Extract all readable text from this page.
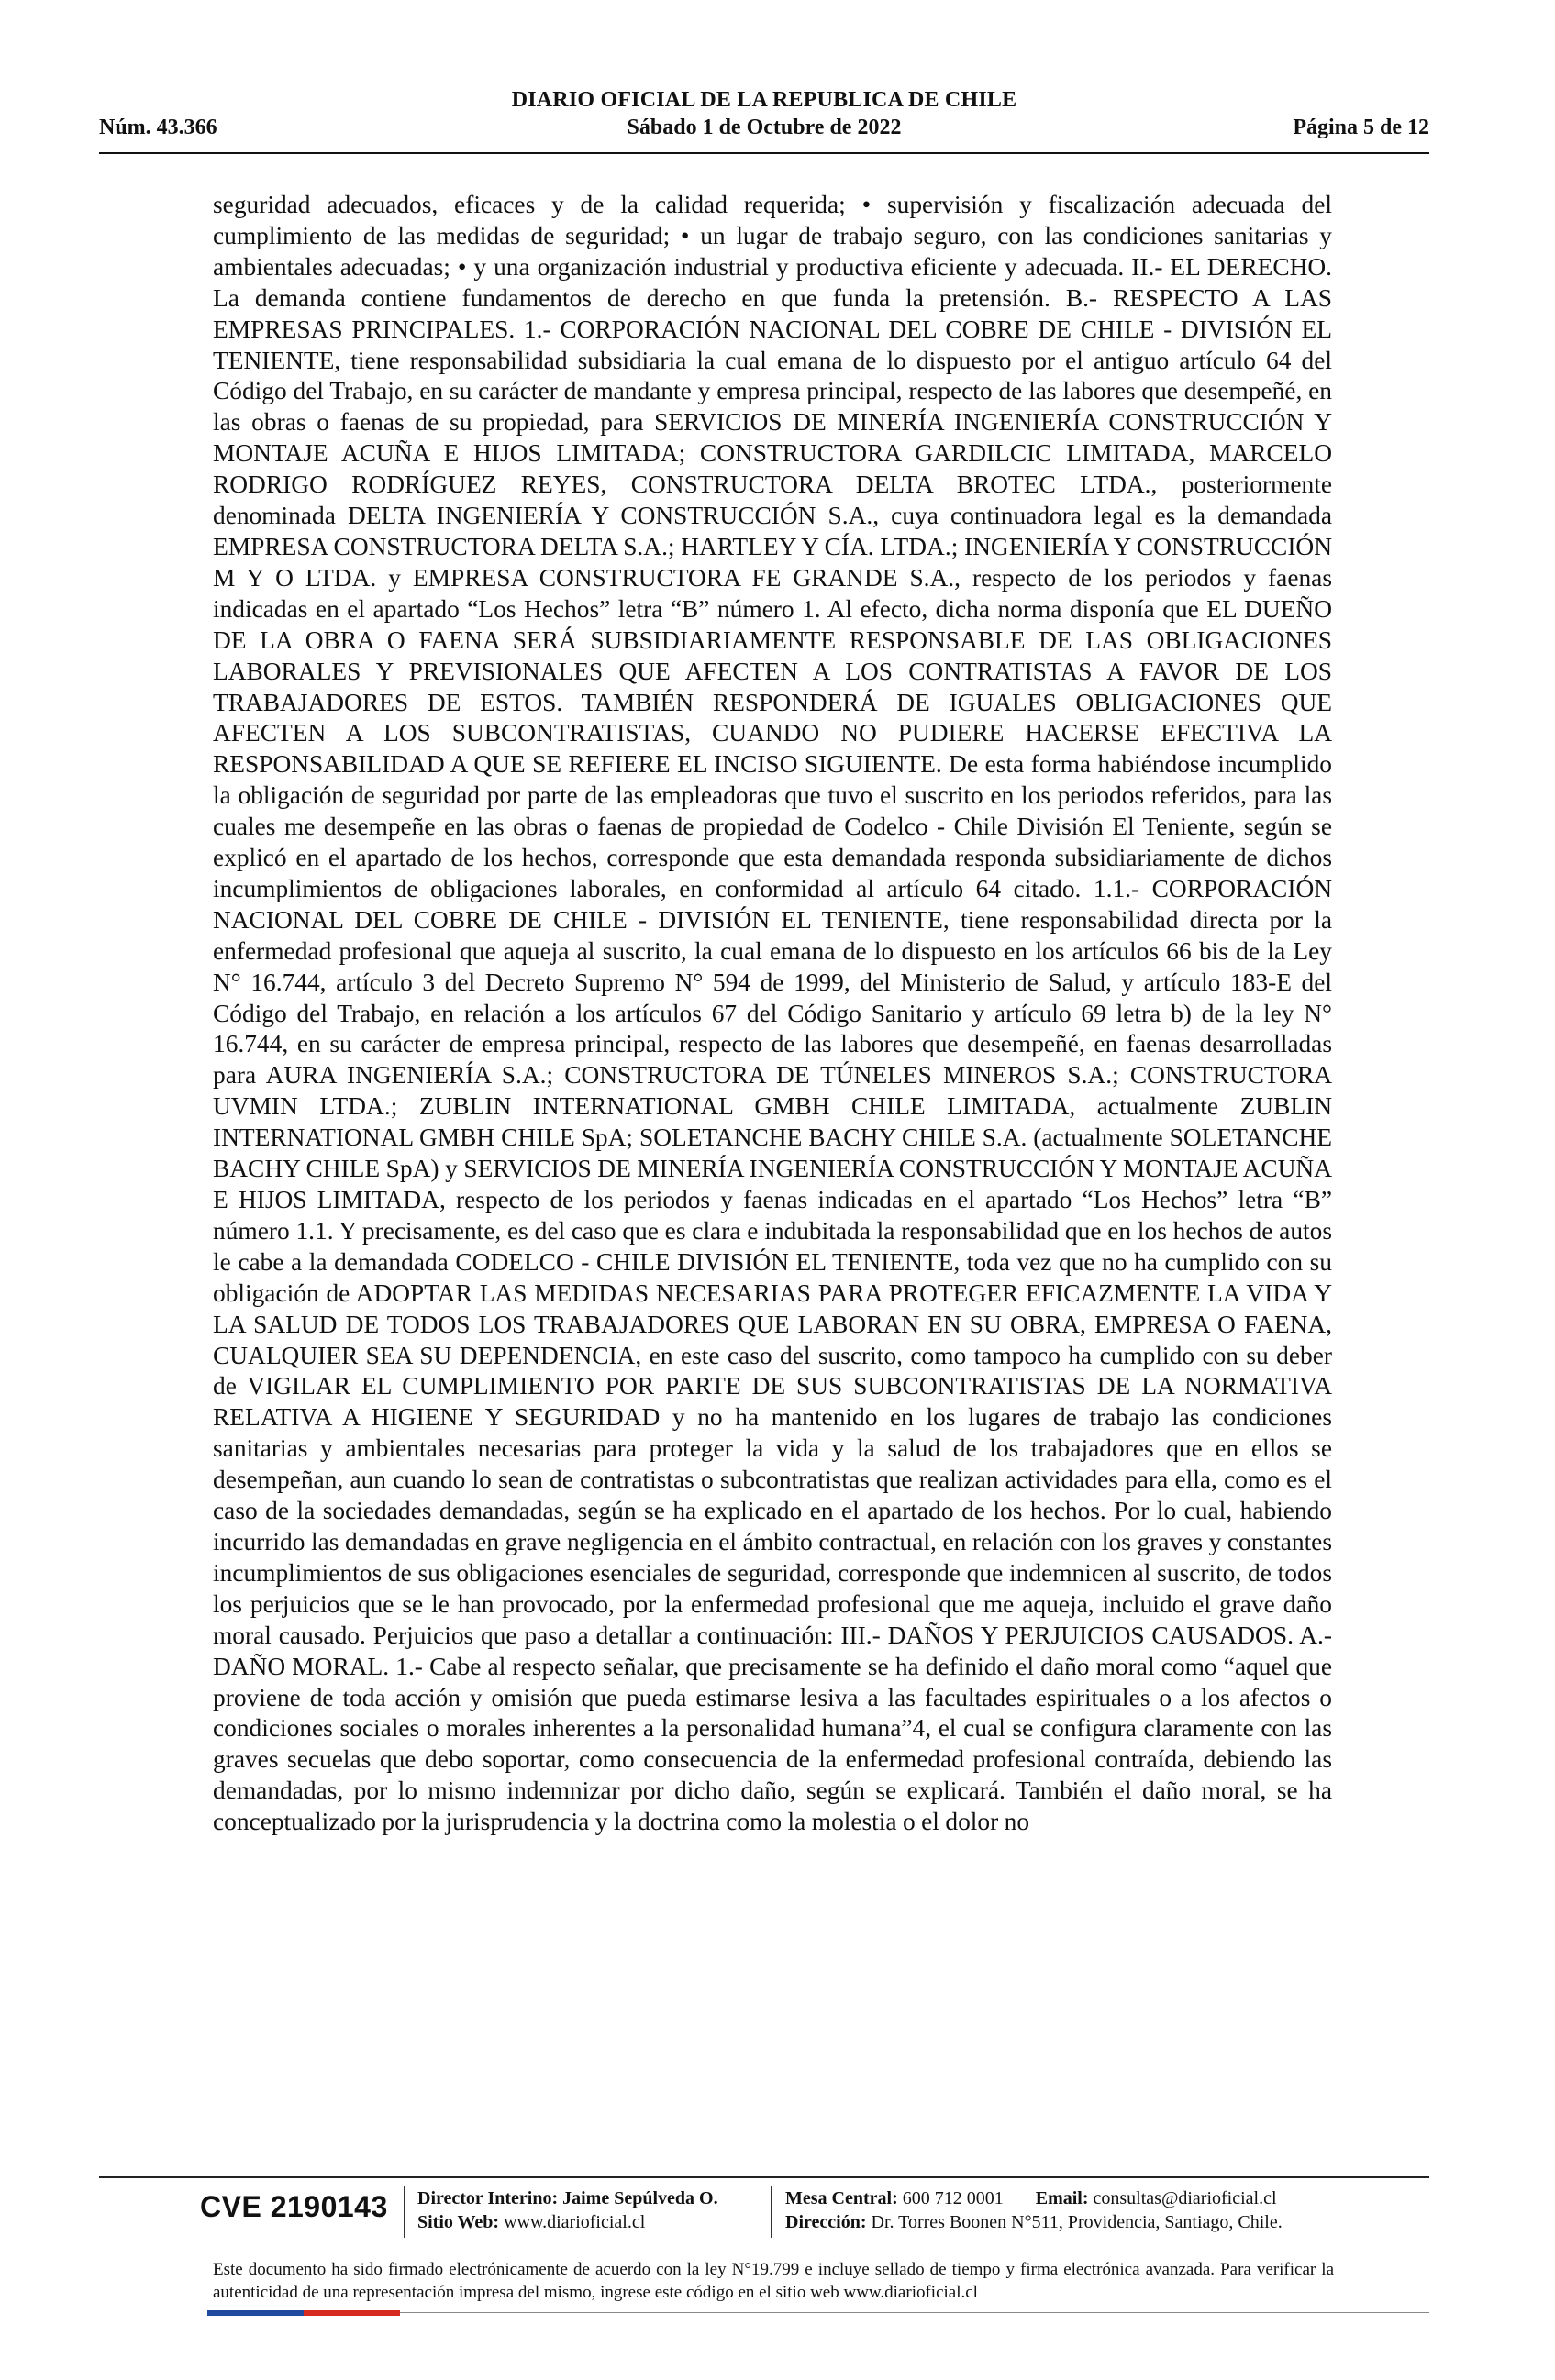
DIARIO OFICIAL DE LA REPUBLICA DE CHILE
Núm. 43.366	Sábado 1 de Octubre de 2022	Página 5 de 12
seguridad adecuados, eficaces y de la calidad requerida; • supervisión y fiscalización adecuada del cumplimiento de las medidas de seguridad; • un lugar de trabajo seguro, con las condiciones sanitarias y ambientales adecuadas; • y una organización industrial y productiva eficiente y adecuada. II.- EL DERECHO. La demanda contiene fundamentos de derecho en que funda la pretensión. B.- RESPECTO A LAS EMPRESAS PRINCIPALES. 1.- CORPORACIÓN NACIONAL DEL COBRE DE CHILE - DIVISIÓN EL TENIENTE, tiene responsabilidad subsidiaria la cual emana de lo dispuesto por el antiguo artículo 64 del Código del Trabajo, en su carácter de mandante y empresa principal, respecto de las labores que desempeñé, en las obras o faenas de su propiedad, para SERVICIOS DE MINERÍA INGENIERÍA CONSTRUCCIÓN Y MONTAJE ACUÑA E HIJOS LIMITADA; CONSTRUCTORA GARDILCIC LIMITADA, MARCELO RODRIGO RODRÍGUEZ REYES, CONSTRUCTORA DELTA BROTEC LTDA., posteriormente denominada DELTA INGENIERÍA Y CONSTRUCCIÓN S.A., cuya continuadora legal es la demandada EMPRESA CONSTRUCTORA DELTA S.A.; HARTLEY Y CÍA. LTDA.; INGENIERÍA Y CONSTRUCCIÓN M Y O LTDA. y EMPRESA CONSTRUCTORA FE GRANDE S.A., respecto de los periodos y faenas indicadas en el apartado “Los Hechos” letra “B” número 1. Al efecto, dicha norma disponía que EL DUEÑO DE LA OBRA O FAENA SERÁ SUBSIDIARIAMENTE RESPONSABLE DE LAS OBLIGACIONES LABORALES Y PREVISIONALES QUE AFECTEN A LOS CONTRATISTAS A FAVOR DE LOS TRABAJADORES DE ESTOS. TAMBIÉN RESPONDERÁ DE IGUALES OBLIGACIONES QUE AFECTEN A LOS SUBCONTRATISTAS, CUANDO NO PUDIERE HACERSE EFECTIVA LA RESPONSABILIDAD A QUE SE REFIERE EL INCISO SIGUIENTE. De esta forma habiéndose incumplido la obligación de seguridad por parte de las empleadoras que tuvo el suscrito en los periodos referidos, para las cuales me desempeñe en las obras o faenas de propiedad de Codelco - Chile División El Teniente, según se explicó en el apartado de los hechos, corresponde que esta demandada responda subsidiariamente de dichos incumplimientos de obligaciones laborales, en conformidad al artículo 64 citado. 1.1.- CORPORACIÓN NACIONAL DEL COBRE DE CHILE - DIVISIÓN EL TENIENTE, tiene responsabilidad directa por la enfermedad profesional que aqueja al suscrito, la cual emana de lo dispuesto en los artículos 66 bis de la Ley N° 16.744, artículo 3 del Decreto Supremo N° 594 de 1999, del Ministerio de Salud, y artículo 183-E del Código del Trabajo, en relación a los artículos 67 del Código Sanitario y artículo 69 letra b) de la ley N° 16.744, en su carácter de empresa principal, respecto de las labores que desempeñé, en faenas desarrolladas para AURA INGENIERÍA S.A.; CONSTRUCTORA DE TÚNELES MINEROS S.A.; CONSTRUCTORA UVMIN LTDA.; ZUBLIN INTERNATIONAL GMBH CHILE LIMITADA, actualmente ZUBLIN INTERNATIONAL GMBH CHILE SpA; SOLETANCHE BACHY CHILE S.A. (actualmente SOLETANCHE BACHY CHILE SpA) y SERVICIOS DE MINERÍA INGENIERÍA CONSTRUCCIÓN Y MONTAJE ACUÑA E HIJOS LIMITADA, respecto de los periodos y faenas indicadas en el apartado “Los Hechos” letra “B” número 1.1. Y precisamente, es del caso que es clara e indubitada la responsabilidad que en los hechos de autos le cabe a la demandada CODELCO - CHILE DIVISIÓN EL TENIENTE, toda vez que no ha cumplido con su obligación de ADOPTAR LAS MEDIDAS NECESARIAS PARA PROTEGER EFICAZMENTE LA VIDA Y LA SALUD DE TODOS LOS TRABAJADORES QUE LABORAN EN SU OBRA, EMPRESA O FAENA, CUALQUIER SEA SU DEPENDENCIA, en este caso del suscrito, como tampoco ha cumplido con su deber de VIGILAR EL CUMPLIMIENTO POR PARTE DE SUS SUBCONTRATISTAS DE LA NORMATIVA RELATIVA A HIGIENE Y SEGURIDAD y no ha mantenido en los lugares de trabajo las condiciones sanitarias y ambientales necesarias para proteger la vida y la salud de los trabajadores que en ellos se desempeñan, aun cuando lo sean de contratistas o subcontratistas que realizan actividades para ella, como es el caso de la sociedades demandadas, según se ha explicado en el apartado de los hechos. Por lo cual, habiendo incurrido las demandadas en grave negligencia en el ámbito contractual, en relación con los graves y constantes incumplimientos de sus obligaciones esenciales de seguridad, corresponde que indemnicen al suscrito, de todos los perjuicios que se le han provocado, por la enfermedad profesional que me aqueja, incluido el grave daño moral causado. Perjuicios que paso a detallar a continuación: III.- DAÑOS Y PERJUICIOS CAUSADOS. A.- DAÑO MORAL. 1.- Cabe al respecto señalar, que precisamente se ha definido el daño moral como “aquel que proviene de toda acción y omisión que pueda estimarse lesiva a las facultades espirituales o a los afectos o condiciones sociales o morales inherentes a la personalidad humana”4, el cual se configura claramente con las graves secuelas que debo soportar, como consecuencia de la enfermedad profesional contraída, debiendo las demandadas, por lo mismo indemnizar por dicho daño, según se explicará. También el daño moral, se ha conceptualizado por la jurisprudencia y la doctrina como la molestia o el dolor no
CVE 2190143 Director Interino: Jaime Sepúlveda O.
Sitio Web: www.diarioficial.cl
Mesa Central: 600 712 0001 Email: consultas@diarioficial.cl
Dirección: Dr. Torres Boonen N°511, Providencia, Santiago, Chile.
Este documento ha sido firmado electrónicamente de acuerdo con la ley N°19.799 e incluye sellado de tiempo y firma electrónica avanzada. Para verificar la autenticidad de una representación impresa del mismo, ingrese este código en el sitio web www.diarioficial.cl
